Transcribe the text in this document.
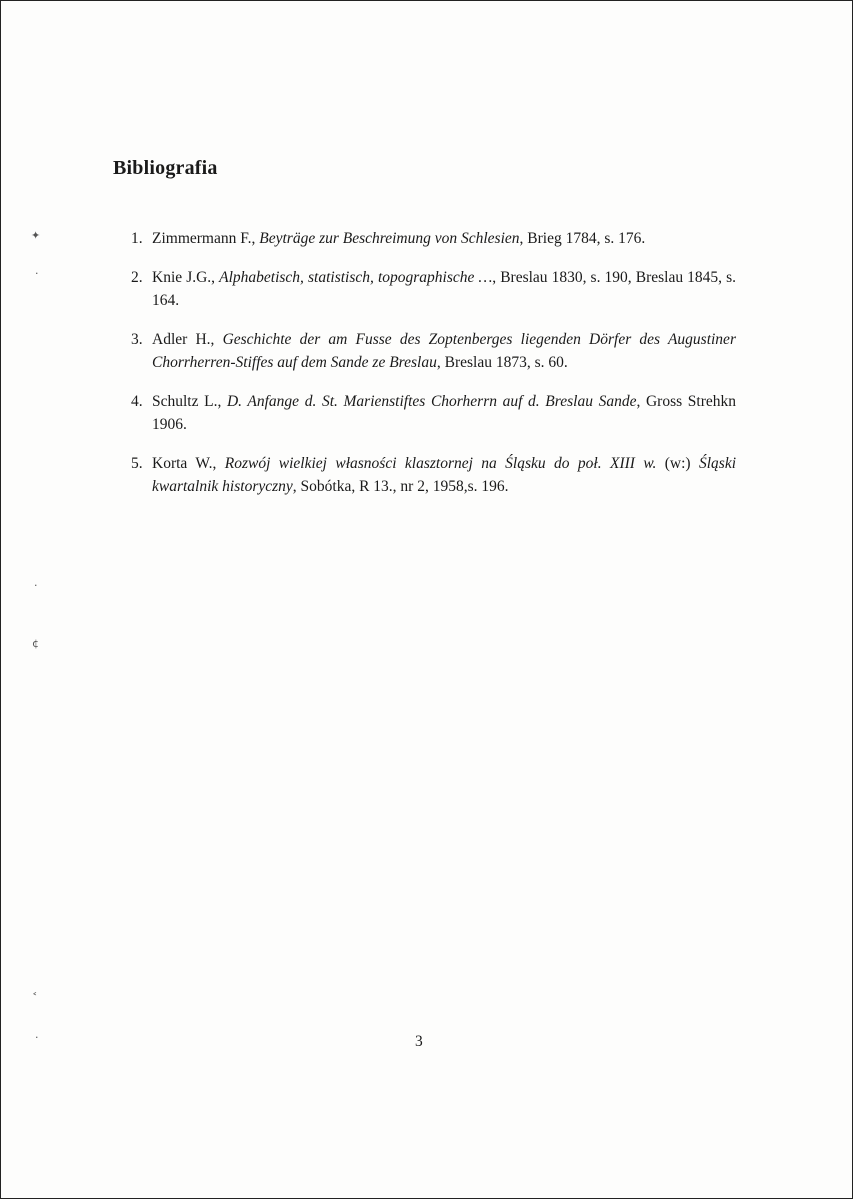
Bibliografia
1. Zimmermann F., Beyträge zur Beschreimung von Schlesien, Brieg 1784, s. 176.
2. Knie J.G., Alphabetisch, statistisch, topographische …, Breslau 1830, s. 190, Breslau 1845, s. 164.
3. Adler H., Geschichte der am Fusse des Zoptenberges liegenden Dörfer des Augustiner Chorrherren-Stiffes auf dem Sande ze Breslau, Breslau 1873, s. 60.
4. Schultz L., D. Anfange d. St. Marienstiftes Chorherrn auf d. Breslau Sande, Gross Strehkn 1906.
5. Korta W., Rozwój wielkiej własności klasztornej na Śląsku do poł. XIII w. (w:) Śląski kwartalnik historyczny, Sobótka, R 13., nr 2, 1958,s. 196.
3
✦
·
·
¢
˂
·
